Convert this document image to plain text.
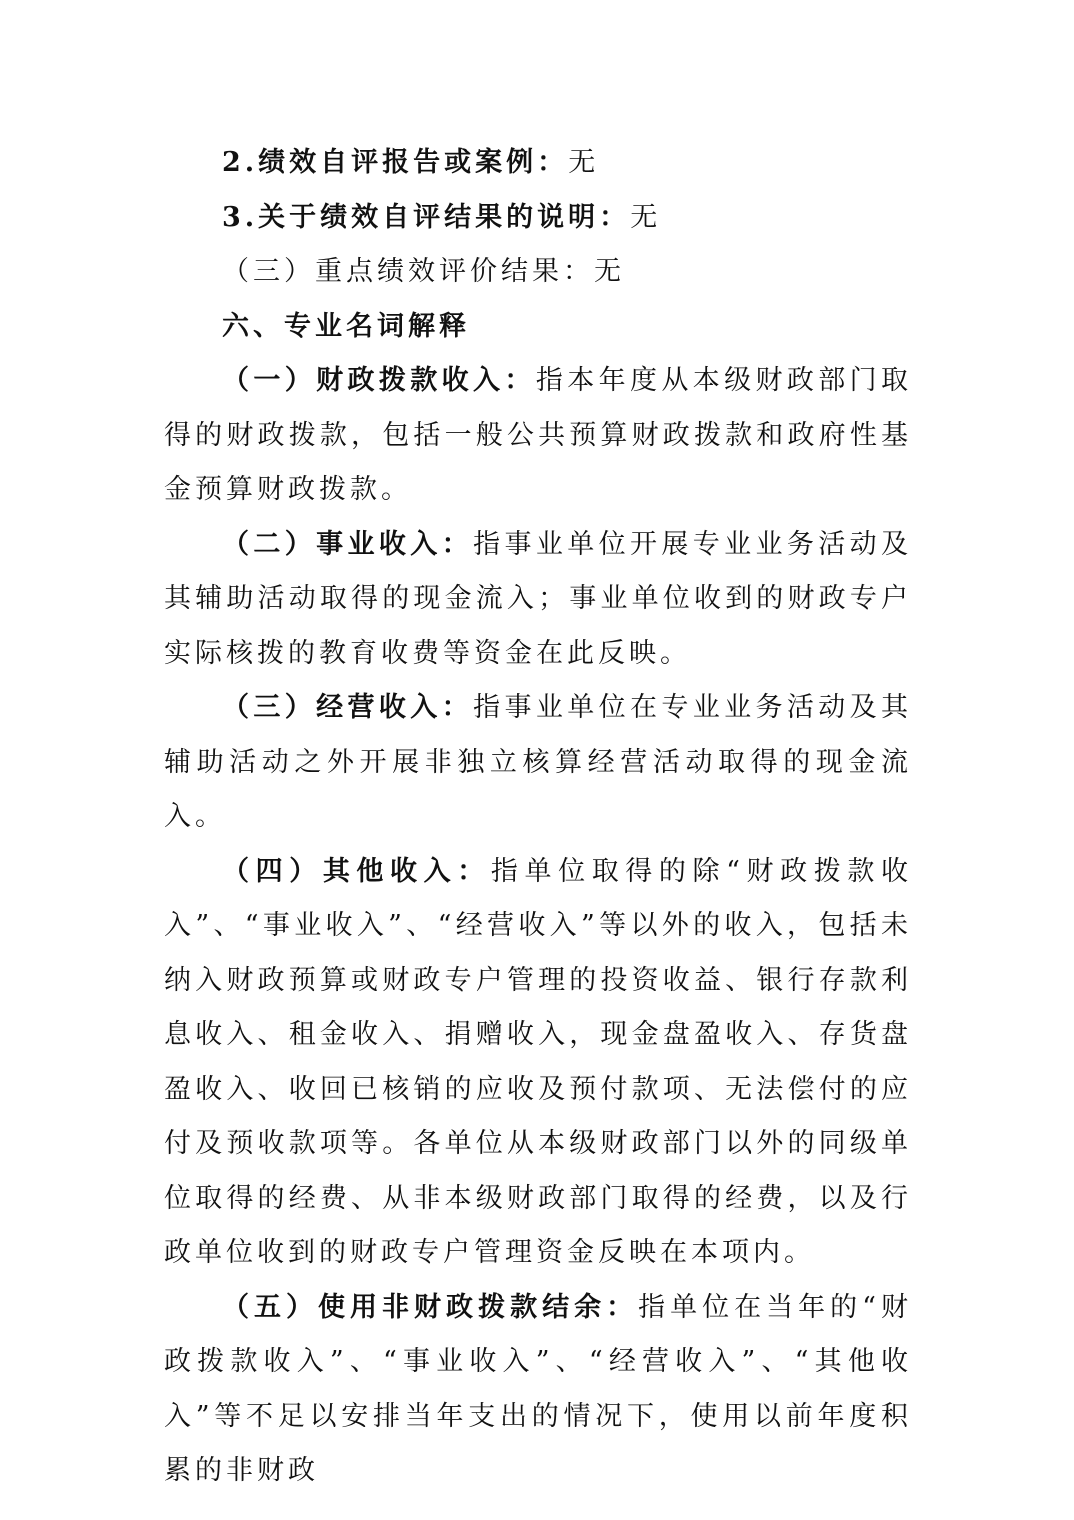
2.绩效自评报告或案例：无

3.关于绩效自评结果的说明：无

（三）重点绩效评价结果：无

六、专业名词解释

（一）财政拨款收入：指本年度从本级财政部门取得的财政拨款，包括一般公共预算财政拨款和政府性基金预算财政拨款。

（二）事业收入：指事业单位开展专业业务活动及其辅助活动取得的现金流入；事业单位收到的财政专户实际核拨的教育收费等资金在此反映。

（三）经营收入：指事业单位在专业业务活动及其辅助活动之外开展非独立核算经营活动取得的现金流入。

（四）其他收入：指单位取得的除“财政拨款收入”、“事业收入”、“经营收入”等以外的收入，包括未纳入财政预算或财政专户管理的投资收益、银行存款利息收入、租金收入、捐赠收入，现金盘盈收入、存货盘盈收入、收回已核销的应收及预付款项、无法偿付的应付及预收款项等。各单位从本级财政部门以外的同级单位取得的经费、从非本级财政部门取得的经费，以及行政单位收到的财政专户管理资金反映在本项内。

（五）使用非财政拨款结余：指单位在当年的“财政拨款收入”、“事业收入”、“经营收入”、“其他收入”等不足以安排当年支出的情况下，使用以前年度积累的非财政
